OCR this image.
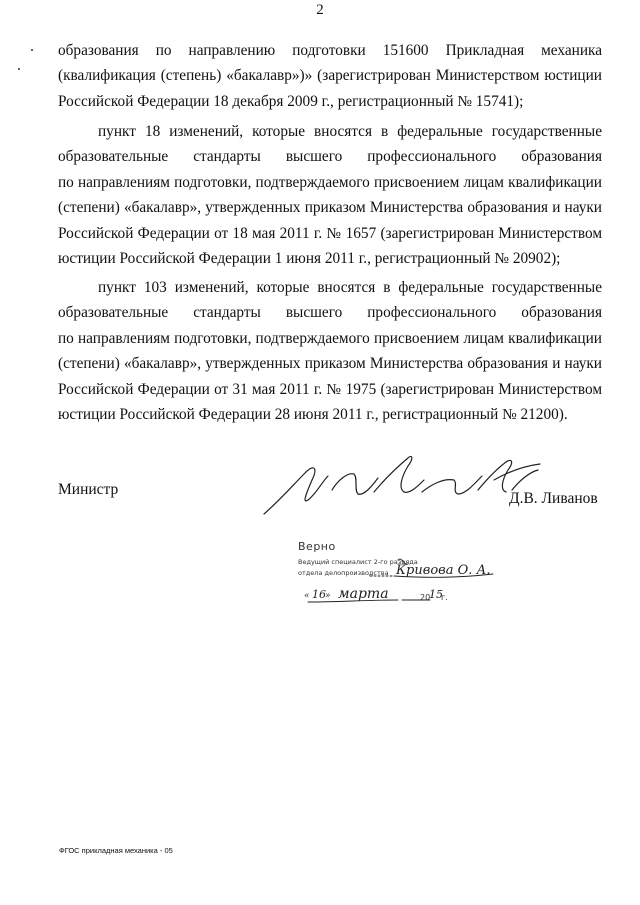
2
образования по направлению подготовки 151600 Прикладная механика
(квалификация (степень) «бакалавр»)» (зарегистрирован Министерством юстиции
Российской Федерации 18 декабря 2009 г., регистрационный № 15741);
пункт 18 изменений, которые вносятся в федеральные государственные
образовательные стандарты высшего профессионального образования
по направлениям подготовки, подтверждаемого присвоением лицам квалификации
(степени) «бакалавр», утвержденных приказом Министерства образования и науки
Российской Федерации от 18 мая 2011 г. № 1657 (зарегистрирован Министерством
юстиции Российской Федерации 1 июня 2011 г., регистрационный № 20902);
пункт 103 изменений, которые вносятся в федеральные государственные
образовательные стандарты высшего профессионального образования
по направлениям подготовки, подтверждаемого присвоением лицам квалификации
(степени) «бакалавр», утвержденных приказом Министерства образования и науки
Российской Федерации от 31 мая 2011 г. № 1975 (зарегистрирован Министерством
юстиции Российской Федерации 28 июня 2011 г., регистрационный № 21200).
Министр
Д.В. Ливанов
Верно
Ведущий специалист 2-го разряда
отдела делопроизводства Кривова О. А.
« 16 » марта	20
15
г.
ФГОС прикладная механика - 05
